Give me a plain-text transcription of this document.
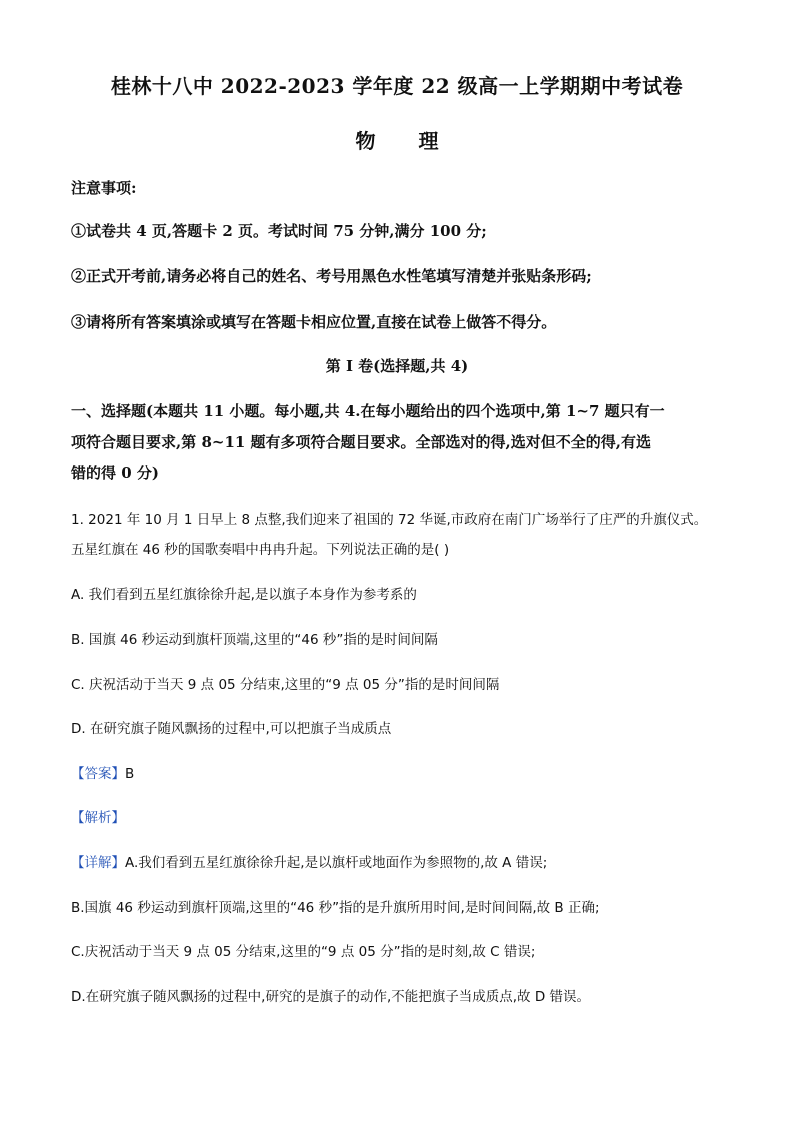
桂林十八中 2022-2023 学年度 22 级高一上学期期中考试卷
物 理
注意事项:
①试卷共 4 页,答题卡 2 页。考试时间 75 分钟,满分 100 分;
②正式开考前,请务必将自己的姓名、考号用黑色水性笔填写清楚并张贴条形码;
③请将所有答案填涂或填写在答题卡相应位置,直接在试卷上做答不得分。
第 I 卷(选择题,共 4)
一、选择题(本题共 11 小题。每小题,共 4.在每小题给出的四个选项中,第 1~7 题只有一
项符合题目要求,第 8~11 题有多项符合题目要求。全部选对的得,选对但不全的得,有选
错的得 0 分)
1. 2021 年 10 月 1 日早上 8 点整,我们迎来了祖国的 72 华诞,市政府在南门广场举行了庄严的升旗仪式。
五星红旗在 46 秒的国歌奏唱中冉冉升起。下列说法正确的是( )
A. 我们看到五星红旗徐徐升起,是以旗子本身作为参考系的
B. 国旗 46 秒运动到旗杆顶端,这里的“46 秒”指的是时间间隔
C. 庆祝活动于当天 9 点 05 分结束,这里的“9 点 05 分”指的是时间间隔
D. 在研究旗子随风飘扬的过程中,可以把旗子当成质点
【答案】B
【解析】
【详解】A.我们看到五星红旗徐徐升起,是以旗杆或地面作为参照物的,故 A 错误;
B.国旗 46 秒运动到旗杆顶端,这里的“46 秒”指的是升旗所用时间,是时间间隔,故 B 正确;
C.庆祝活动于当天 9 点 05 分结束,这里的“9 点 05 分”指的是时刻,故 C 错误;
D.在研究旗子随风飘扬的过程中,研究的是旗子的动作,不能把旗子当成质点,故 D 错误。
